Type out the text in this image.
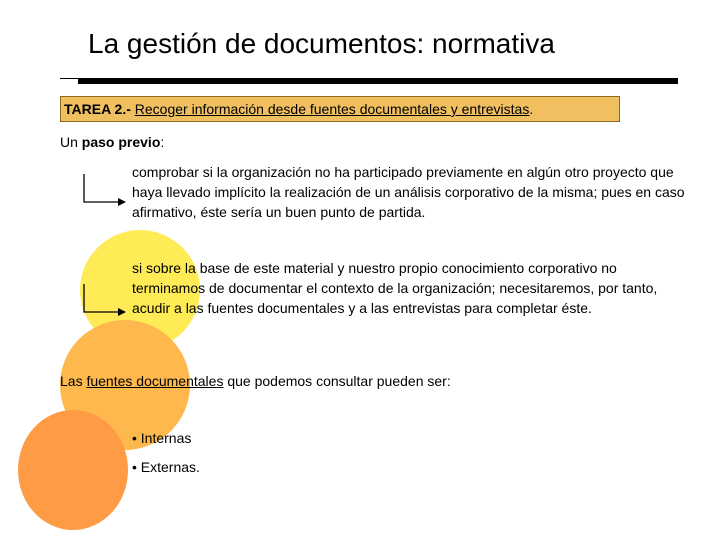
La gestión de documentos: normativa
TAREA 2.- Recoger información desde fuentes documentales y entrevistas.
Un paso previo:
comprobar si la organización no ha participado previamente en algún otro proyecto que haya llevado implícito la realización de un análisis corporativo de la misma; pues en caso afirmativo, éste sería un buen punto de partida.
si sobre la base de este material y nuestro propio conocimiento corporativo no terminamos de documentar el contexto de la organización; necesitaremos, por tanto, acudir a las fuentes documentales y a las entrevistas para completar éste.
Las fuentes documentales que podemos consultar pueden ser:
• Internas
• Externas.
